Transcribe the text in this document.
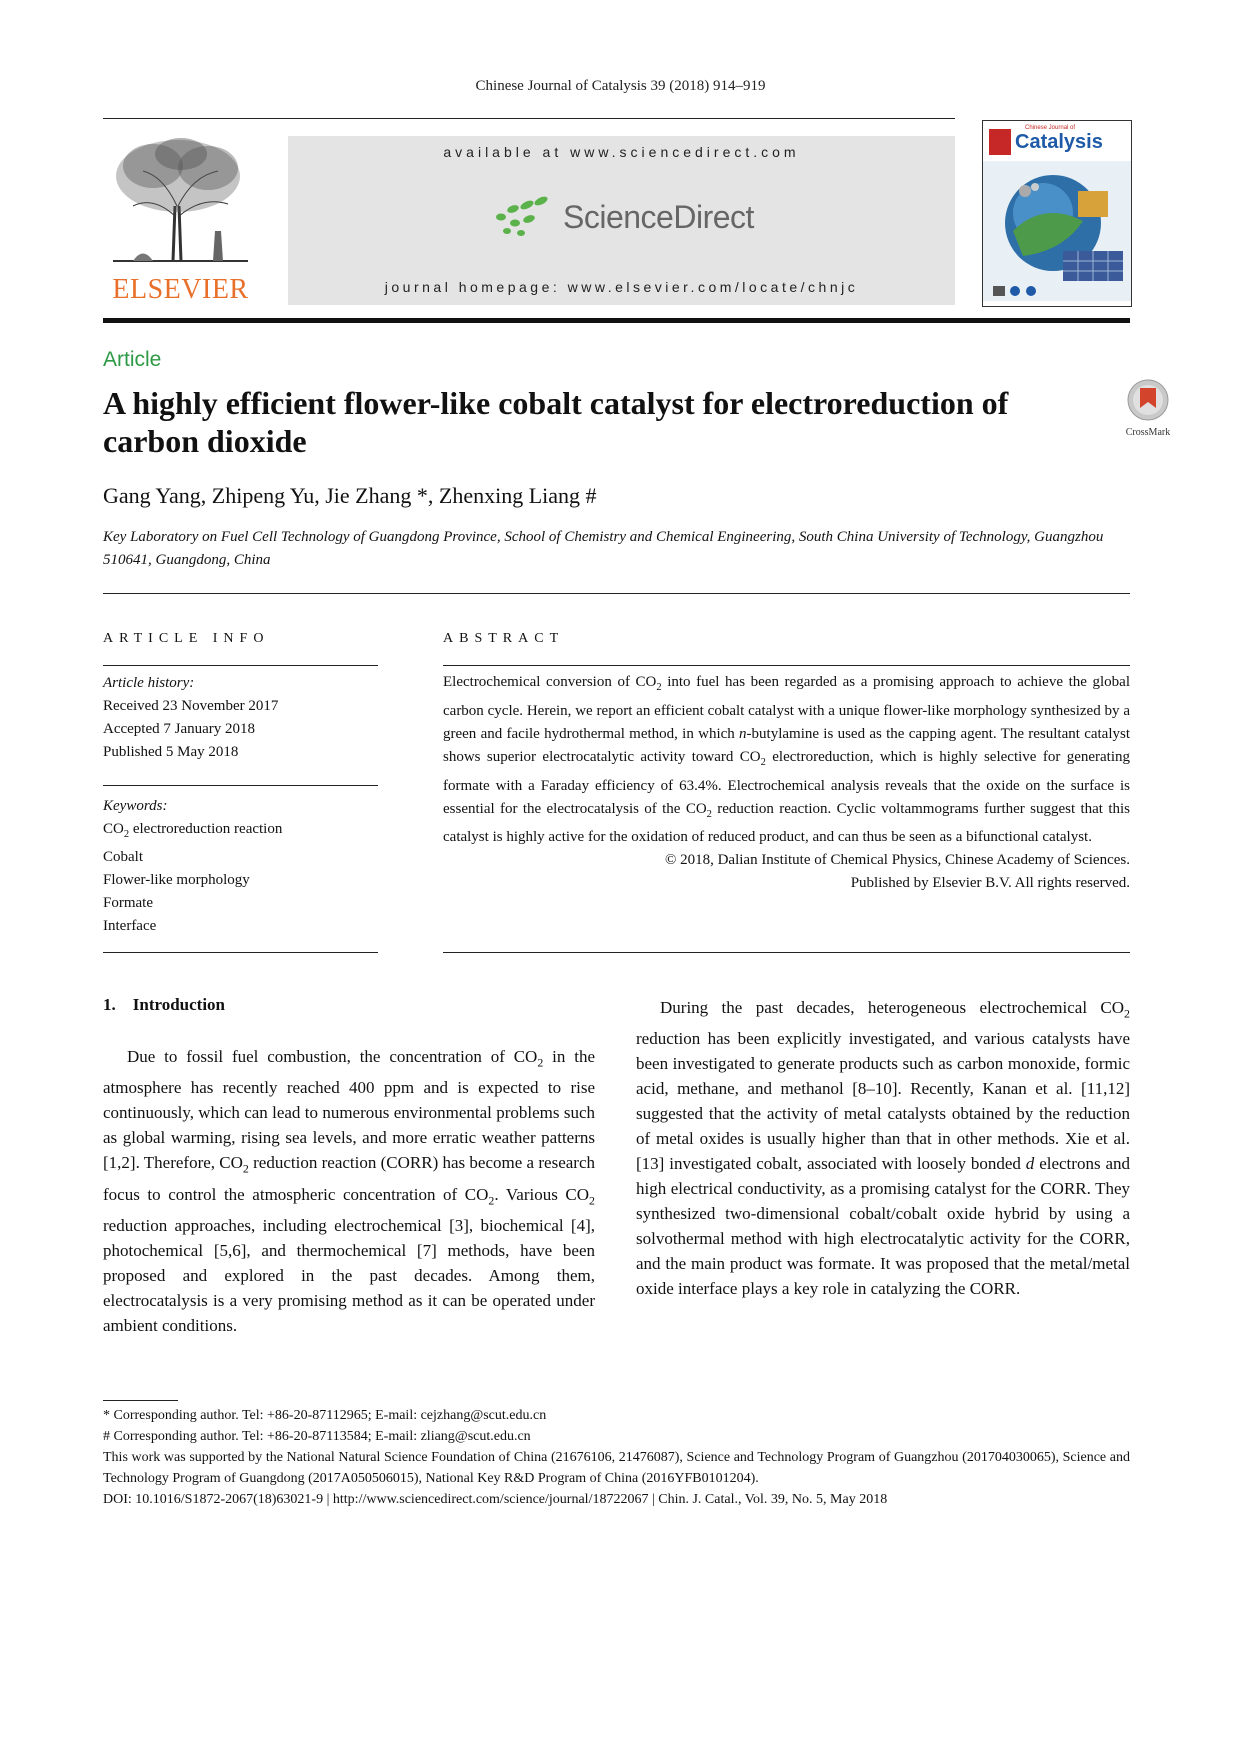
Chinese Journal of Catalysis 39 (2018) 914–919
ELSEVIER
available at www.sciencedirect.com
ScienceDirect
journal homepage: www.elsevier.com/locate/chnjc
Chinese Journal of
Catalysis
Article
A highly efficient flower-like cobalt catalyst for electroreduction of carbon dioxide	CrossMark
Gang Yang, Zhipeng Yu, Jie Zhang *, Zhenxing Liang #
Key Laboratory on Fuel Cell Technology of Guangdong Province, School of Chemistry and Chemical Engineering, South China University of Technology, Guangzhou 510641, Guangdong, China
ARTICLE INFO
Article history:
Received 23 November 2017
Accepted 7 January 2018
Published 5 May 2018
Keywords:
$CO_2$ electroreduction reaction
Cobalt
Flower-like morphology
Formate
Interface
ABSTRACT
Electrochemical conversion of $CO_2$ into fuel has been regarded as a promising approach to achieve the global carbon cycle. Herein, we report an efficient cobalt catalyst with a unique flower-like morphology synthesized by a green and facile hydrothermal method, in which n-butylamine is used as the capping agent. The resultant catalyst shows superior electrocatalytic activity toward $CO_2$ electroreduction, which is highly selective for generating formate with a Faraday efficiency of 63.4%. Electrochemical analysis reveals that the oxide on the surface is essential for the electrocatalysis of the $CO_2$ reduction reaction. Cyclic voltammograms further suggest that this catalyst is highly active for the oxidation of reduced product, and can thus be seen as a bifunctional catalyst.
© 2018, Dalian Institute of Chemical Physics, Chinese Academy of Sciences.
Published by Elsevier B.V. All rights reserved.
1. Introduction
Due to fossil fuel combustion, the concentration of $CO_2$ in the atmosphere has recently reached 400 ppm and is expected to rise continuously, which can lead to numerous environmental problems such as global warming, rising sea levels, and more erratic weather patterns [1,2]. Therefore, $CO_2$ reduction reaction (CORR) has become a research focus to control the atmospheric concentration of $CO_2$. Various $CO_2$ reduction approaches, including electrochemical [3], biochemical [4], photochemical [5,6], and thermochemical [7] methods, have been proposed and explored in the past decades. Among them, electrocatalysis is a very promising method as it can be operated under ambient conditions.
During the past decades, heterogeneous electrochemical $CO_2$ reduction has been explicitly investigated, and various catalysts have been investigated to generate products such as carbon monoxide, formic acid, methane, and methanol [8–10]. Recently, Kanan et al. [11,12] suggested that the activity of metal catalysts obtained by the reduction of metal oxides is usually higher than that in other methods. Xie et al. [13] investigated cobalt, associated with loosely bonded d electrons and high electrical conductivity, as a promising catalyst for the CORR. They synthesized two-dimensional cobalt/cobalt oxide hybrid by using a solvothermal method with high electrocatalytic activity for the CORR, and the main product was formate. It was proposed that the metal/metal oxide interface plays a key role in catalyzing the CORR.
* Corresponding author. Tel: +86-20-87112965; E-mail: cejzhang@scut.edu.cn
# Corresponding author. Tel: +86-20-87113584; E-mail: zliang@scut.edu.cn
This work was supported by the National Natural Science Foundation of China (21676106, 21476087), Science and Technology Program of Guangzhou (201704030065), Science and Technology Program of Guangdong (2017A050506015), National Key R&D Program of China (2016YFB0101204).
DOI: 10.1016/S1872-2067(18)63021-9 | http://www.sciencedirect.com/science/journal/18722067 | Chin. J. Catal., Vol. 39, No. 5, May 2018
